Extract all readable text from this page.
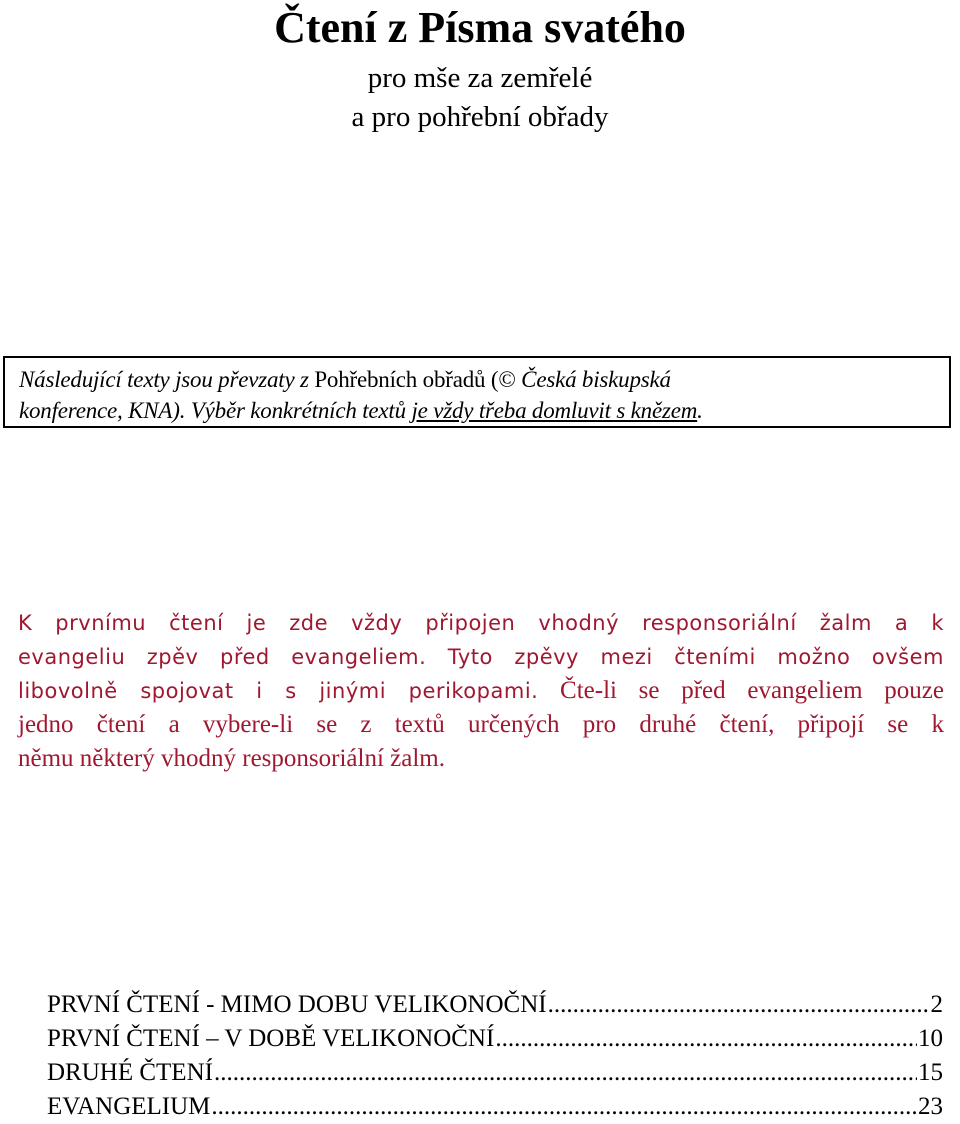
Čtení z Písma svatého
pro mše za zemřelé
a pro pohřební obřady
Následující texty jsou převzaty z Pohřebních obřadů (© Česká biskupská
konference, KNA). Výběr konkrétních textů je vždy třeba domluvit s knězem.
K prvnímu čtení je zde vždy připojen vhodný responsoriální žalm a k
evangeliu zpěv před evangeliem. Tyto zpěvy mezi čteními možno ovšem
libovolně spojovat i s jinými perikopami. Čte-li se před evangeliem pouze
jedno čtení a vybere-li se z textů určených pro druhé čtení, připojí se k
němu některý vhodný responsoriální žalm.
PRVNÍ ČTENÍ - MIMO DOBU VELIKONOČNÍ .....	2
PRVNÍ ČTENÍ – V DOBĚ VELIKONOČNÍ .....	10
DRUHÉ ČTENÍ .....	15
EVANGELIUM .....	23
